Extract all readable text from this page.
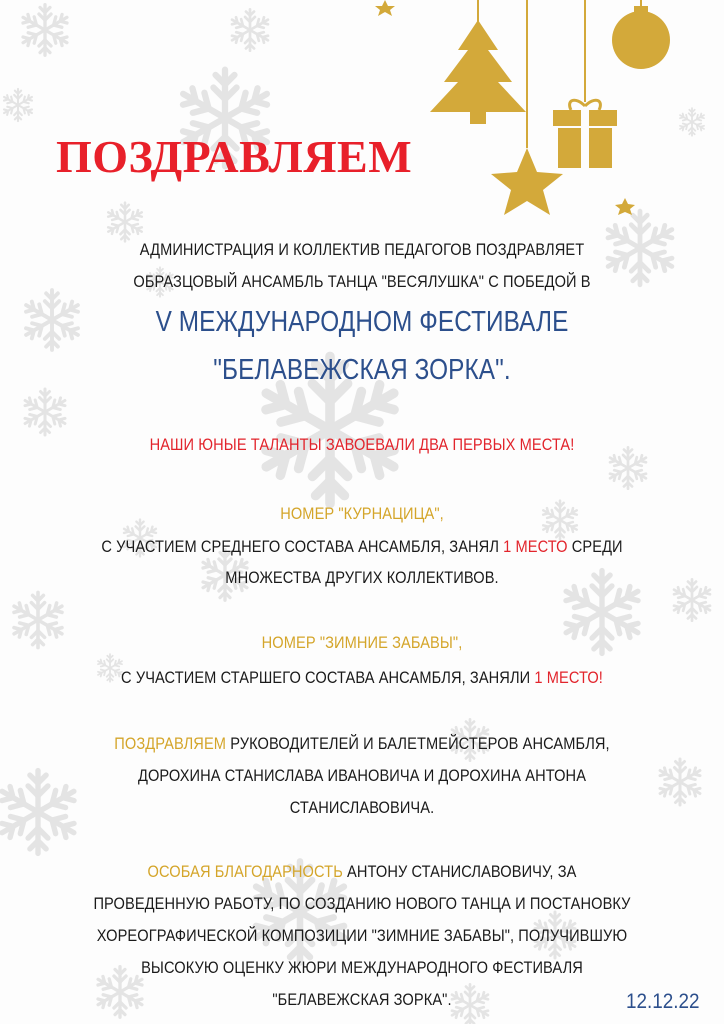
ПОЗДРАВЛЯЕМ
АДМИНИСТРАЦИЯ И КОЛЛЕКТИВ ПЕДАГОГОВ ПОЗДРАВЛЯЕТ
ОБРАЗЦОВЫЙ АНСАМБЛЬ ТАНЦА "ВЕСЯЛУШКА" С ПОБЕДОЙ В
V МЕЖДУНАРОДНОМ ФЕСТИВАЛЕ
"БЕЛАВЕЖСКАЯ ЗОРКА".
НАШИ ЮНЫЕ ТАЛАНТЫ ЗАВОЕВАЛИ ДВА ПЕРВЫХ МЕСТА!
НОМЕР "КУРНАЦИЦА",
С УЧАСТИЕМ СРЕДНЕГО СОСТАВА АНСАМБЛЯ, ЗАНЯЛ 1 МЕСТО СРЕДИ
МНОЖЕСТВА ДРУГИХ КОЛЛЕКТИВОВ.
НОМЕР "ЗИМНИЕ ЗАБАВЫ",
С УЧАСТИЕМ СТАРШЕГО СОСТАВА АНСАМБЛЯ, ЗАНЯЛИ 1 МЕСТО!
ПОЗДРАВЛЯЕМ РУКОВОДИТЕЛЕЙ И БАЛЕТМЕЙСТЕРОВ АНСАМБЛЯ,
ДОРОХИНА СТАНИСЛАВА ИВАНОВИЧА И ДОРОХИНА АНТОНА
СТАНИСЛАВОВИЧА.
ОСОБАЯ БЛАГОДАРНОСТЬ АНТОНУ СТАНИСЛАВОВИЧУ, ЗА
ПРОВЕДЕННУЮ РАБОТУ, ПО СОЗДАНИЮ НОВОГО ТАНЦА И ПОСТАНОВКУ
ХОРЕОГРАФИЧЕСКОЙ КОМПОЗИЦИИ "ЗИМНИЕ ЗАБАВЫ", ПОЛУЧИВШУЮ
ВЫСОКУЮ ОЦЕНКУ ЖЮРИ МЕЖДУНАРОДНОГО ФЕСТИВАЛЯ
"БЕЛАВЕЖСКАЯ ЗОРКА".	12.12.22
